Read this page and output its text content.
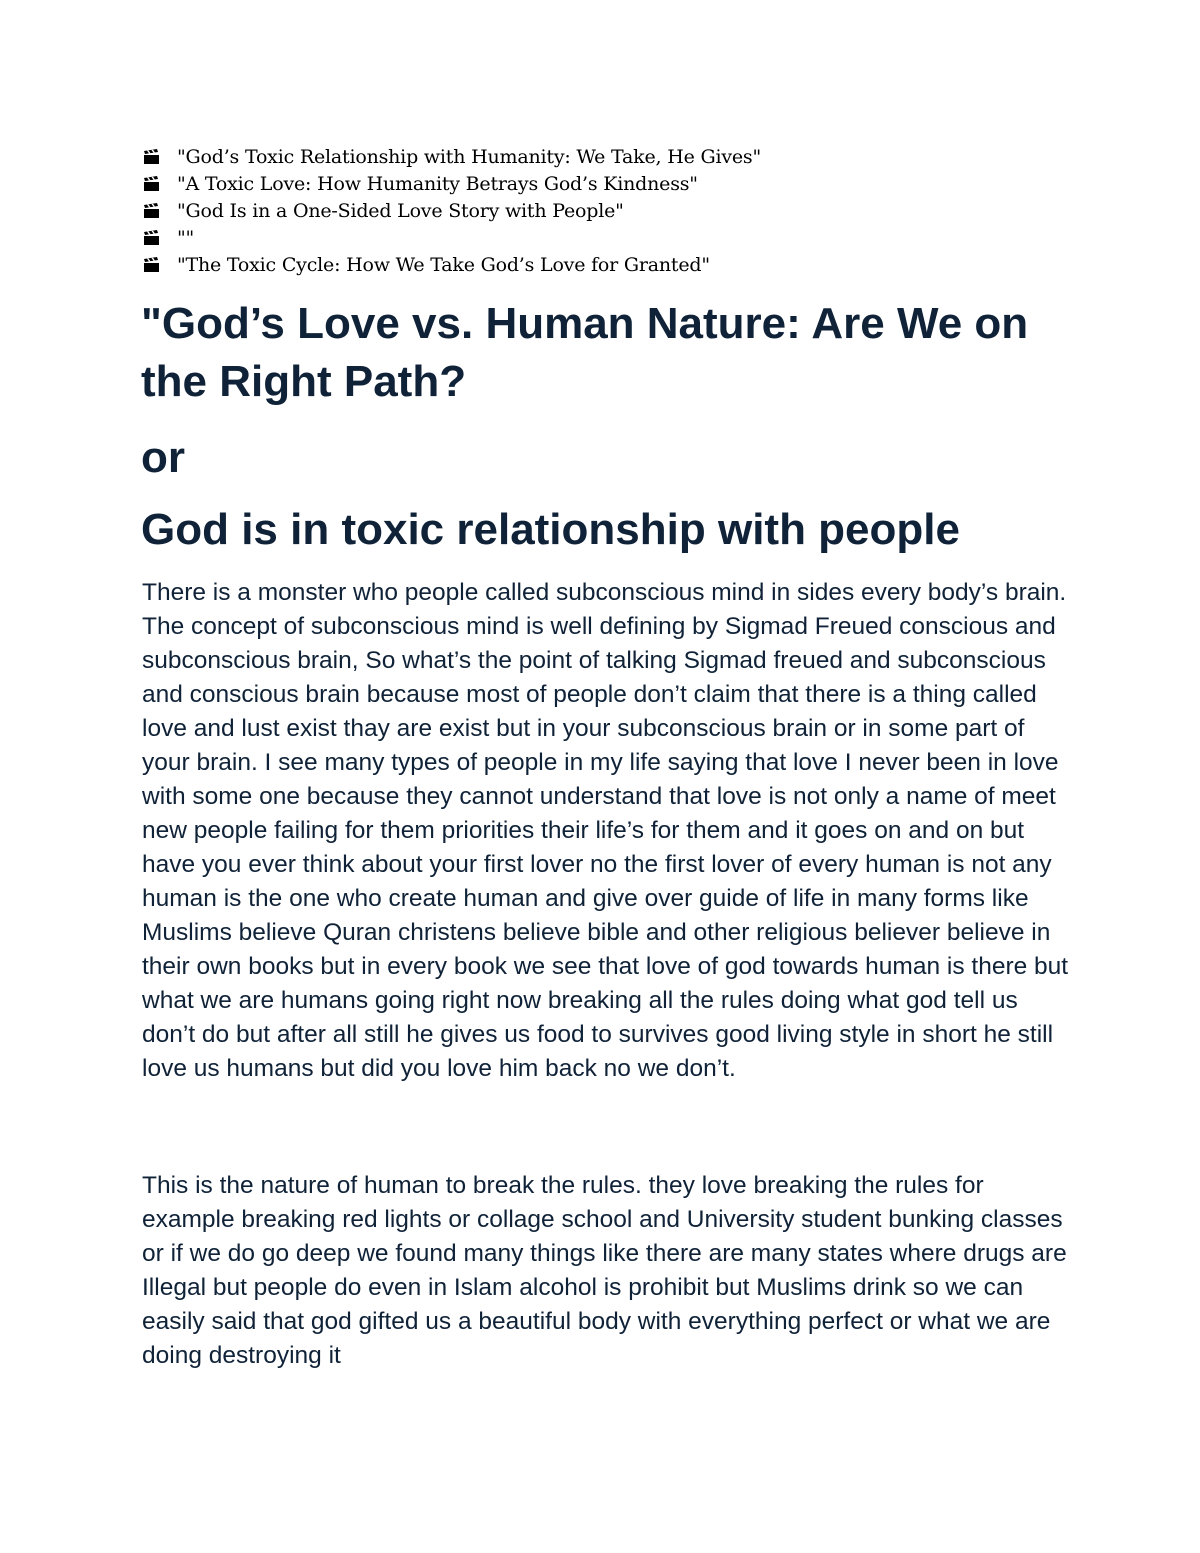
"God’s Toxic Relationship with Humanity: We Take, He Gives"
"A Toxic Love: How Humanity Betrays God’s Kindness"
"God Is in a One-Sided Love Story with People"
""
"The Toxic Cycle: How We Take God’s Love for Granted"
"God’s Love vs. Human Nature: Are We on the Right Path?
or
God is in toxic relationship with people

There is a monster who people called subconscious mind in sides every body’s brain. The concept of subconscious mind is well defining by Sigmad Freued conscious and subconscious brain, So what’s the point of talking Sigmad freued and subconscious and conscious brain because most of people don’t claim that there is a thing called love and lust exist thay are exist but in your subconscious brain or in some part of your brain. I see many types of people in my life saying that love I never been in love with some one because they cannot understand that love is not only a name of meet new people failing for them priorities their life’s for them and it goes on and on but have you ever think about your first lover no the first lover of every human is not any human is the one who create human and give over guide of life in many forms like Muslims believe Quran christens believe bible and other religious believer believe in their own books but in every book we see that love of god towards human is there but what we are humans going right now breaking all the rules doing what god tell us don’t do but after all still he gives us food to survives good living style in short he still love us humans but did you love him back no we don’t.

This is the nature of human to break the rules. they love breaking the rules for example breaking red lights or collage school and University student bunking classes or if we do go deep we found many things like there are many states where drugs are Illegal but people do even in Islam alcohol is prohibit but Muslims drink so we can easily said that god gifted us a beautiful body with everything perfect or what we are doing destroying it
